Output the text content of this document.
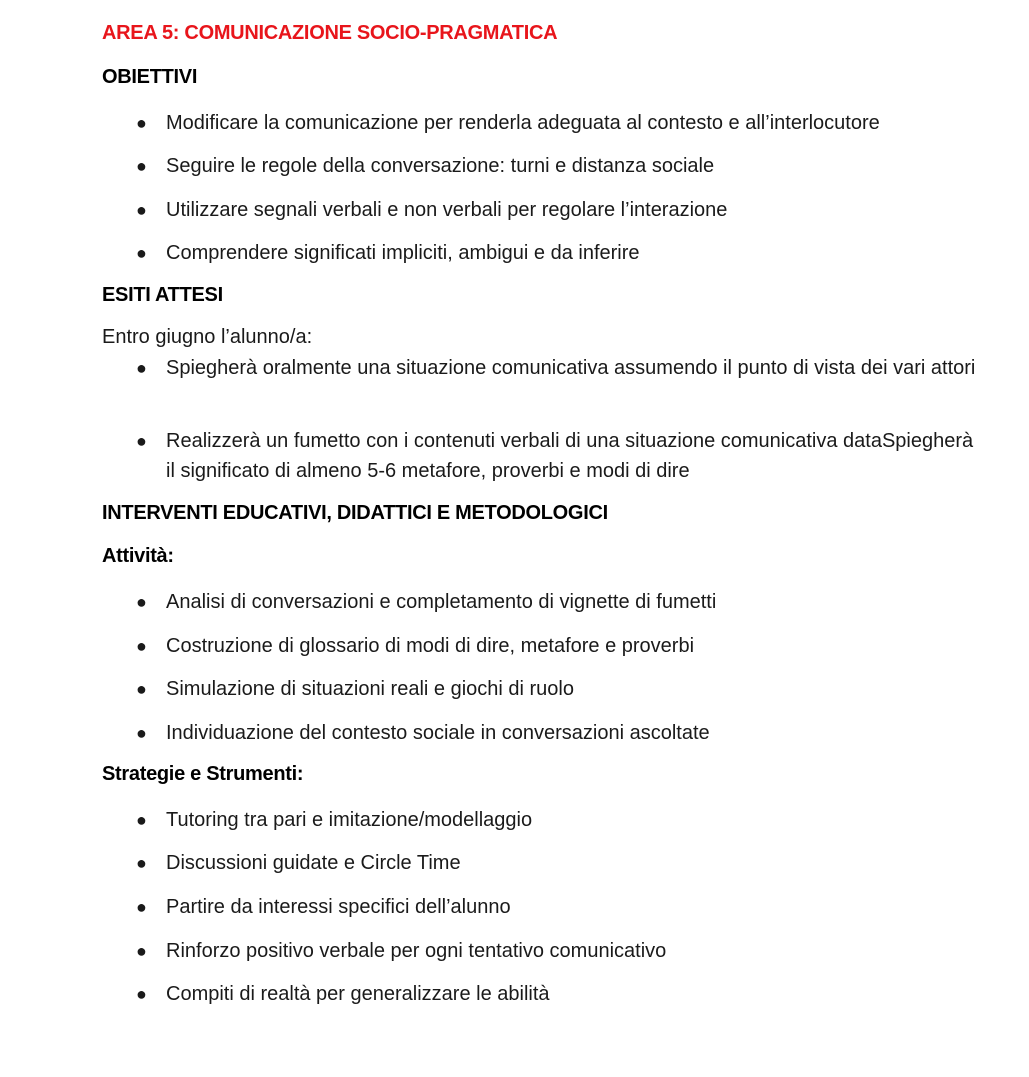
AREA 5: COMUNICAZIONE SOCIO-PRAGMATICA
OBIETTIVI
● Modificare la comunicazione per renderla adeguata al contesto e all’interlocutore
● Seguire le regole della conversazione: turni e distanza sociale
● Utilizzare segnali verbali e non verbali per regolare l’interazione
● Comprendere significati impliciti, ambigui e da inferire
ESITI ATTESI
Entro giugno l’alunno/a:
● Spiegherà oralmente una situazione comunicativa assumendo il punto di vista dei vari attori
● Realizzerà un fumetto con i contenuti verbali di una situazione comunicativa dataSpiegherà il significato di almeno 5-6 metafore, proverbi e modi di dire
INTERVENTI EDUCATIVI, DIDATTICI E METODOLOGICI
Attività:
● Analisi di conversazioni e completamento di vignette di fumetti
● Costruzione di glossario di modi di dire, metafore e proverbi
● Simulazione di situazioni reali e giochi di ruolo
● Individuazione del contesto sociale in conversazioni ascoltate
Strategie e Strumenti:
● Tutoring tra pari e imitazione/modellaggio
● Discussioni guidate e Circle Time
● Partire da interessi specifici dell’alunno
● Rinforzo positivo verbale per ogni tentativo comunicativo
● Compiti di realtà per generalizzare le abilità
